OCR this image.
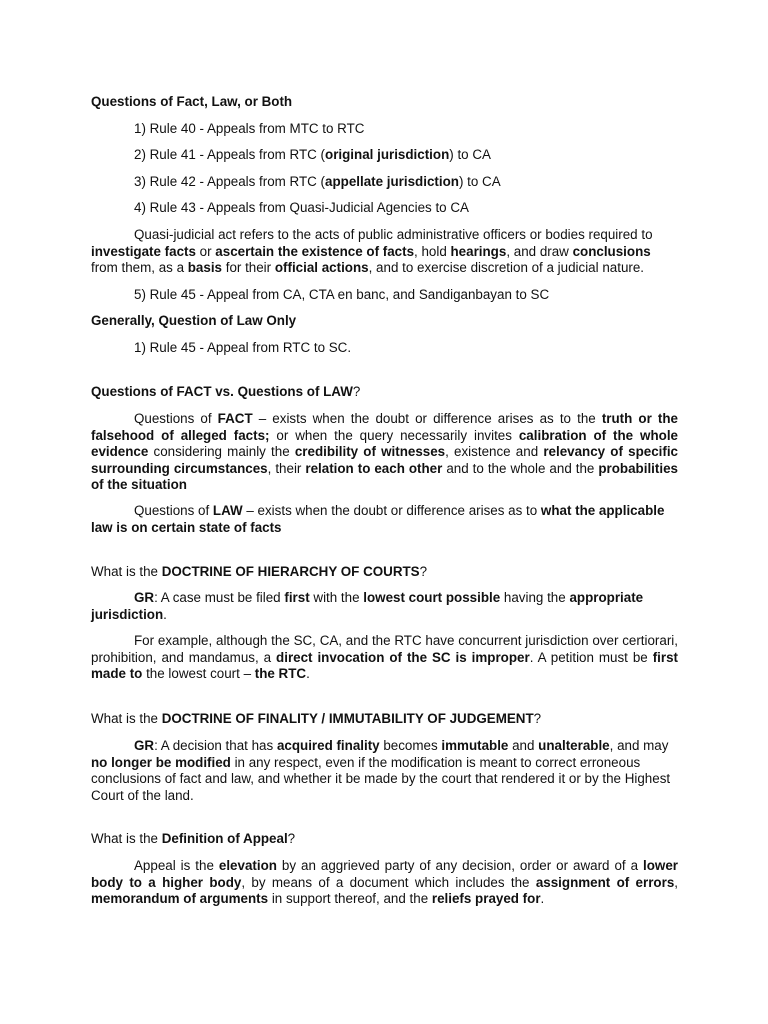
Questions of Fact, Law, or Both

1) Rule 40 - Appeals from MTC to RTC

2) Rule 41 - Appeals from RTC (original jurisdiction) to CA

3) Rule 42 - Appeals from RTC (appellate jurisdiction) to CA

4) Rule 43 - Appeals from Quasi-Judicial Agencies to CA

Quasi-judicial act refers to the acts of public administrative officers or bodies required to investigate facts or ascertain the existence of facts, hold hearings, and draw conclusions from them, as a basis for their official actions, and to exercise discretion of a judicial nature.

5) Rule 45 - Appeal from CA, CTA en banc, and Sandiganbayan to SC

Generally, Question of Law Only

1) Rule 45 - Appeal from RTC to SC.

Questions of FACT vs. Questions of LAW?

Questions of FACT – exists when the doubt or difference arises as to the truth or the falsehood of alleged facts; or when the query necessarily invites calibration of the whole evidence considering mainly the credibility of witnesses, existence and relevancy of specific surrounding circumstances, their relation to each other and to the whole and the probabilities of the situation

Questions of LAW – exists when the doubt or difference arises as to what the applicable law is on certain state of facts

What is the DOCTRINE OF HIERARCHY OF COURTS?

GR: A case must be filed first with the lowest court possible having the appropriate jurisdiction.

For example, although the SC, CA, and the RTC have concurrent jurisdiction over certiorari, prohibition, and mandamus, a direct invocation of the SC is improper. A petition must be first made to the lowest court – the RTC.

What is the DOCTRINE OF FINALITY / IMMUTABILITY OF JUDGEMENT?

GR: A decision that has acquired finality becomes immutable and unalterable, and may no longer be modified in any respect, even if the modification is meant to correct erroneous conclusions of fact and law, and whether it be made by the court that rendered it or by the Highest Court of the land.

What is the Definition of Appeal?

Appeal is the elevation by an aggrieved party of any decision, order or award of a lower body to a higher body, by means of a document which includes the assignment of errors, memorandum of arguments in support thereof, and the reliefs prayed for.
